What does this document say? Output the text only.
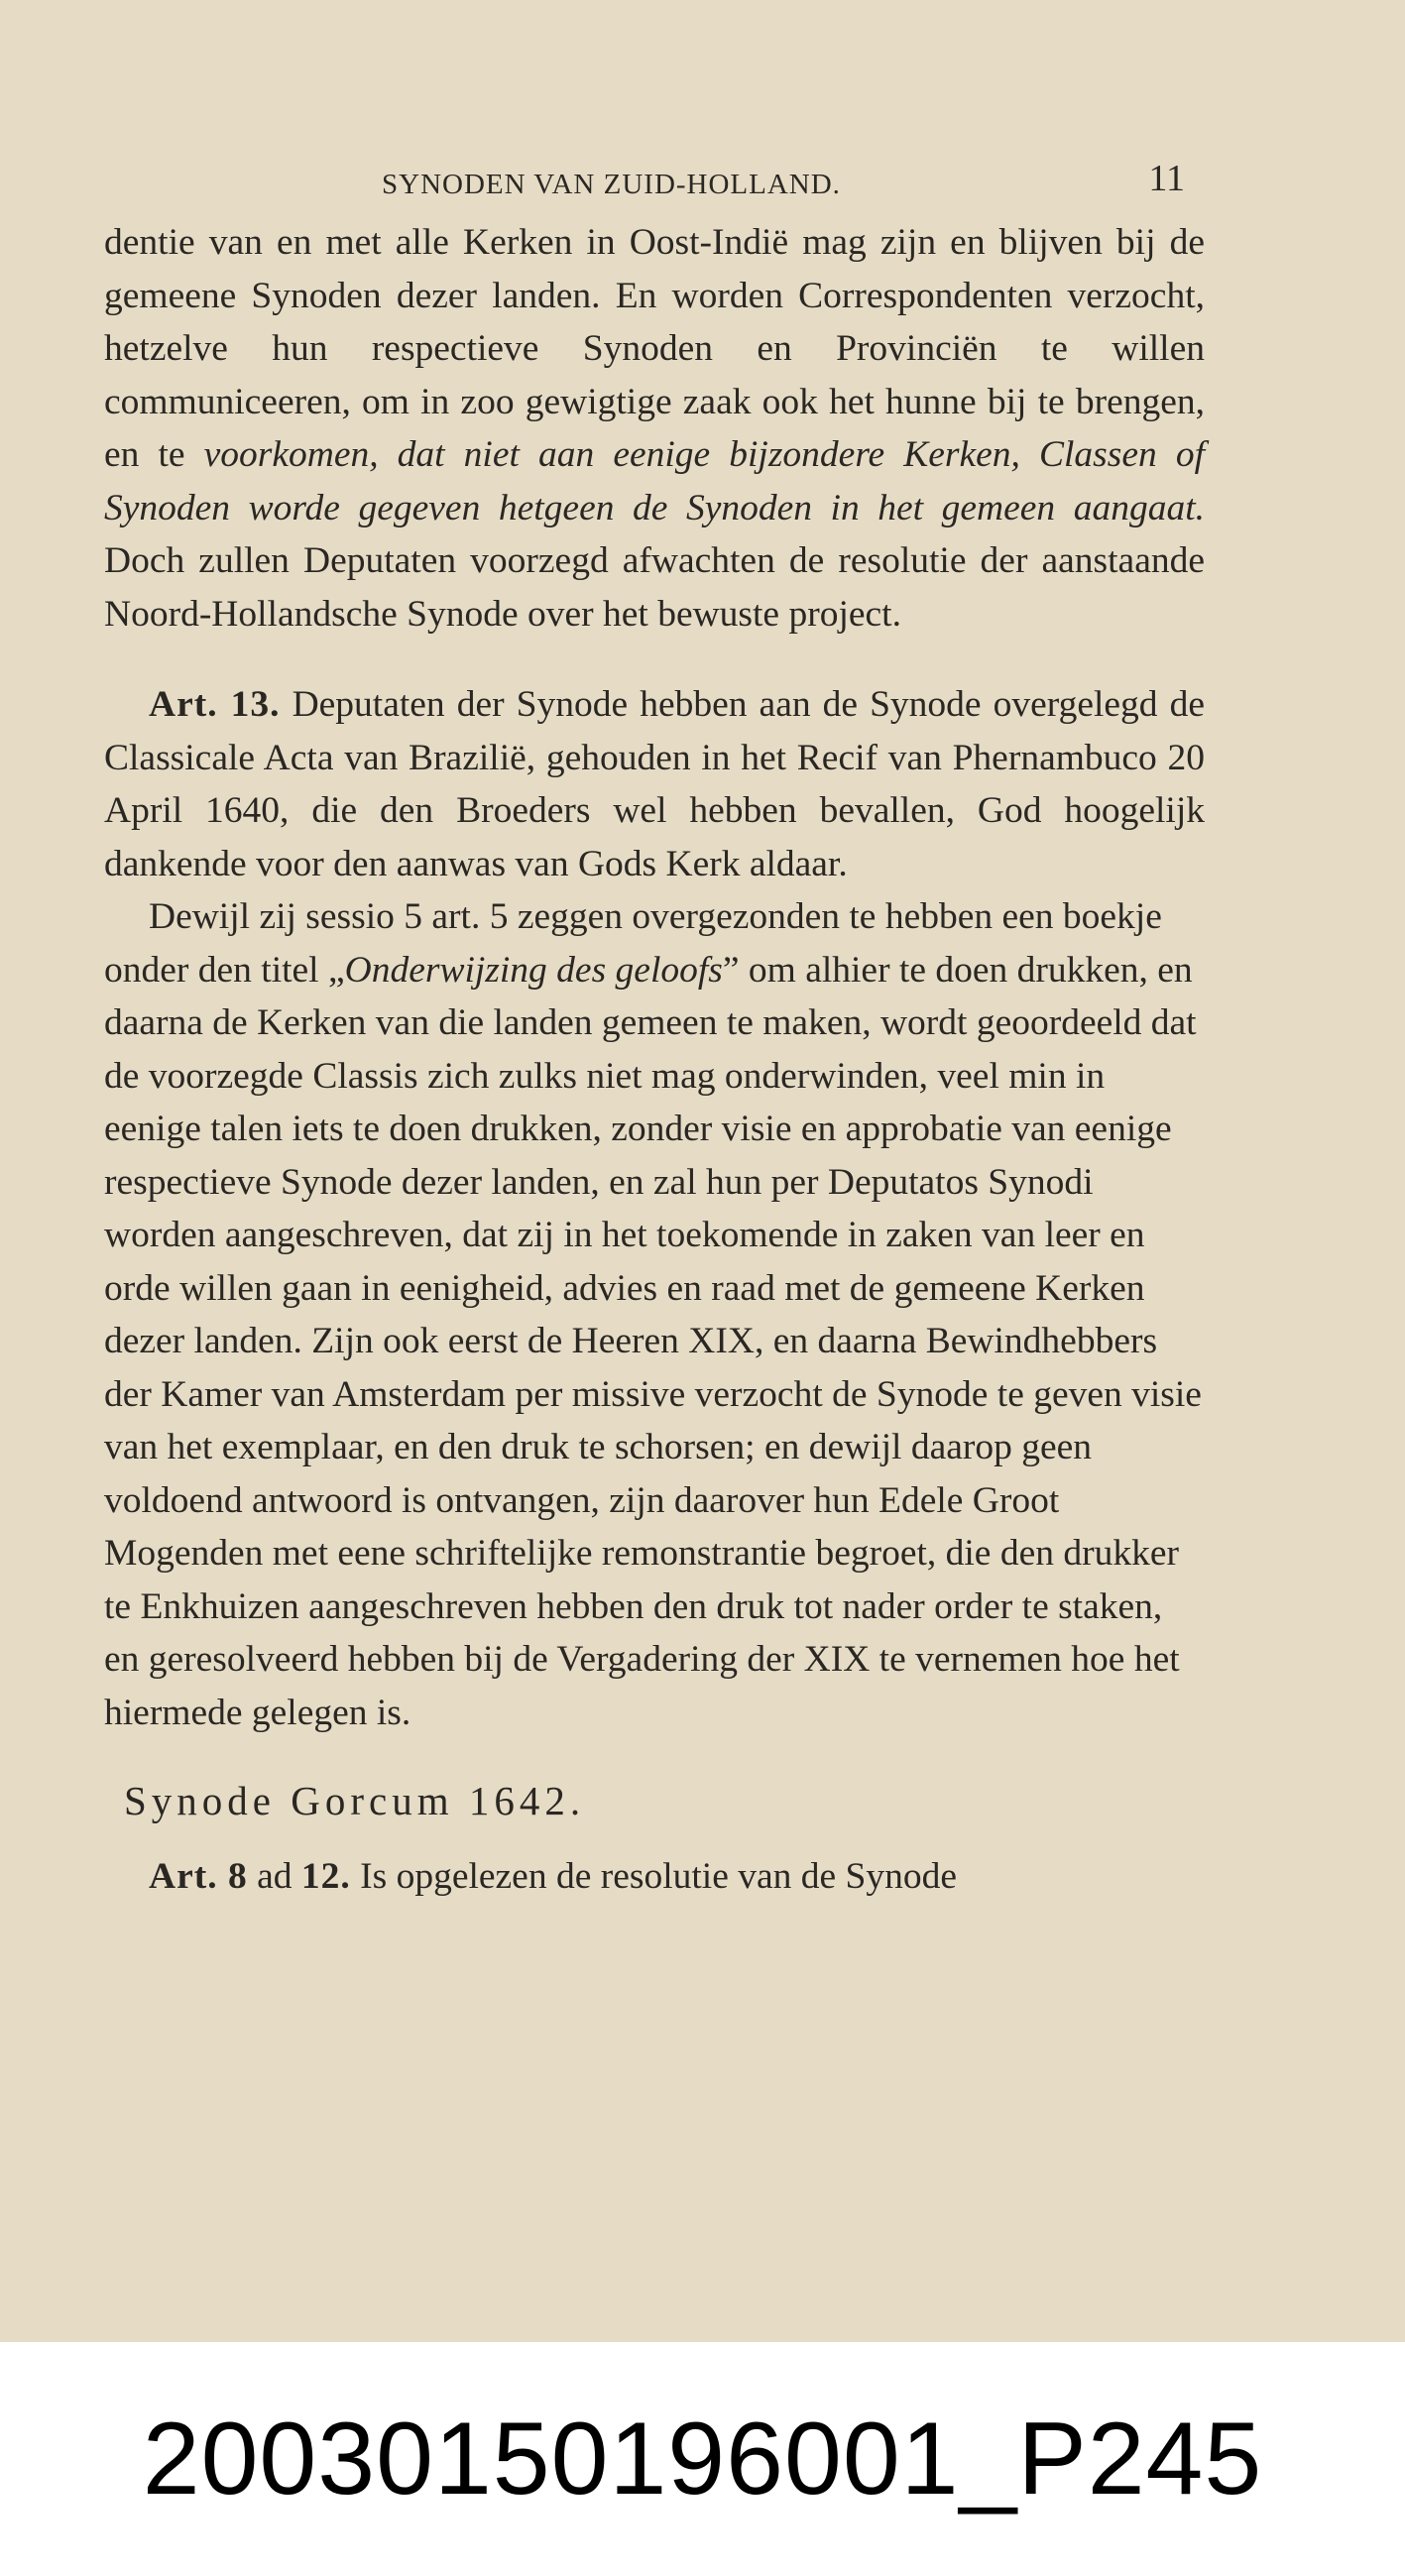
SYNODEN VAN ZUID-HOLLAND.	11

dentie van en met alle Kerken in Oost-Indië mag zijn en blijven bij de gemeene Synoden dezer landen. En worden Correspondenten verzocht, hetzelve hun respectieve Synoden en Provinciën te willen communiceeren, om in zoo gewigtige zaak ook het hunne bij te brengen, en te voorkomen, dat niet aan eenige bijzondere Kerken, Classen of Synoden worde gegeven hetgeen de Synoden in het gemeen aangaat. Doch zullen Deputaten voorzegd afwachten de resolutie der aanstaande Noord-Hollandsche Synode over het bewuste project.

Art. 13. Deputaten der Synode hebben aan de Synode overgelegd de Classicale Acta van Brazilië, gehouden in het Recif van Phernambuco 20 April 1640, die den Broeders wel hebben bevallen, God hoogelijk dankende voor den aanwas van Gods Kerk aldaar.

Dewijl zij sessio 5 art. 5 zeggen overgezonden te hebben een boekje onder den titel „Onderwijzing des geloofs” om alhier te doen drukken, en daarna de Kerken van die landen gemeen te maken, wordt geoordeeld dat de voorzegde Classis zich zulks niet mag onderwinden, veel min in eenige talen iets te doen drukken, zonder visie en approbatie van eenige respectieve Synode dezer landen, en zal hun per Deputatos Synodi worden aangeschreven, dat zij in het toekomende in zaken van leer en orde willen gaan in eenigheid, advies en raad met de gemeene Kerken dezer landen. Zijn ook eerst de Heeren XIX, en daarna Bewindhebbers der Kamer van Amsterdam per missive verzocht de Synode te geven visie van het exemplaar, en den druk te schorsen; en dewijl daarop geen voldoend antwoord is ontvangen, zijn daarover hun Edele Groot Mogenden met eene schriftelijke remonstrantie begroet, die den drukker te Enkhuizen aangeschreven hebben den druk tot nader order te staken, en geresolveerd hebben bij de Vergadering der XIX te vernemen hoe het hiermede gelegen is.

Synode Gorcum 1642.

Art. 8 ad 12. Is opgelezen de resolutie van de Synode

20030150196001_P245
